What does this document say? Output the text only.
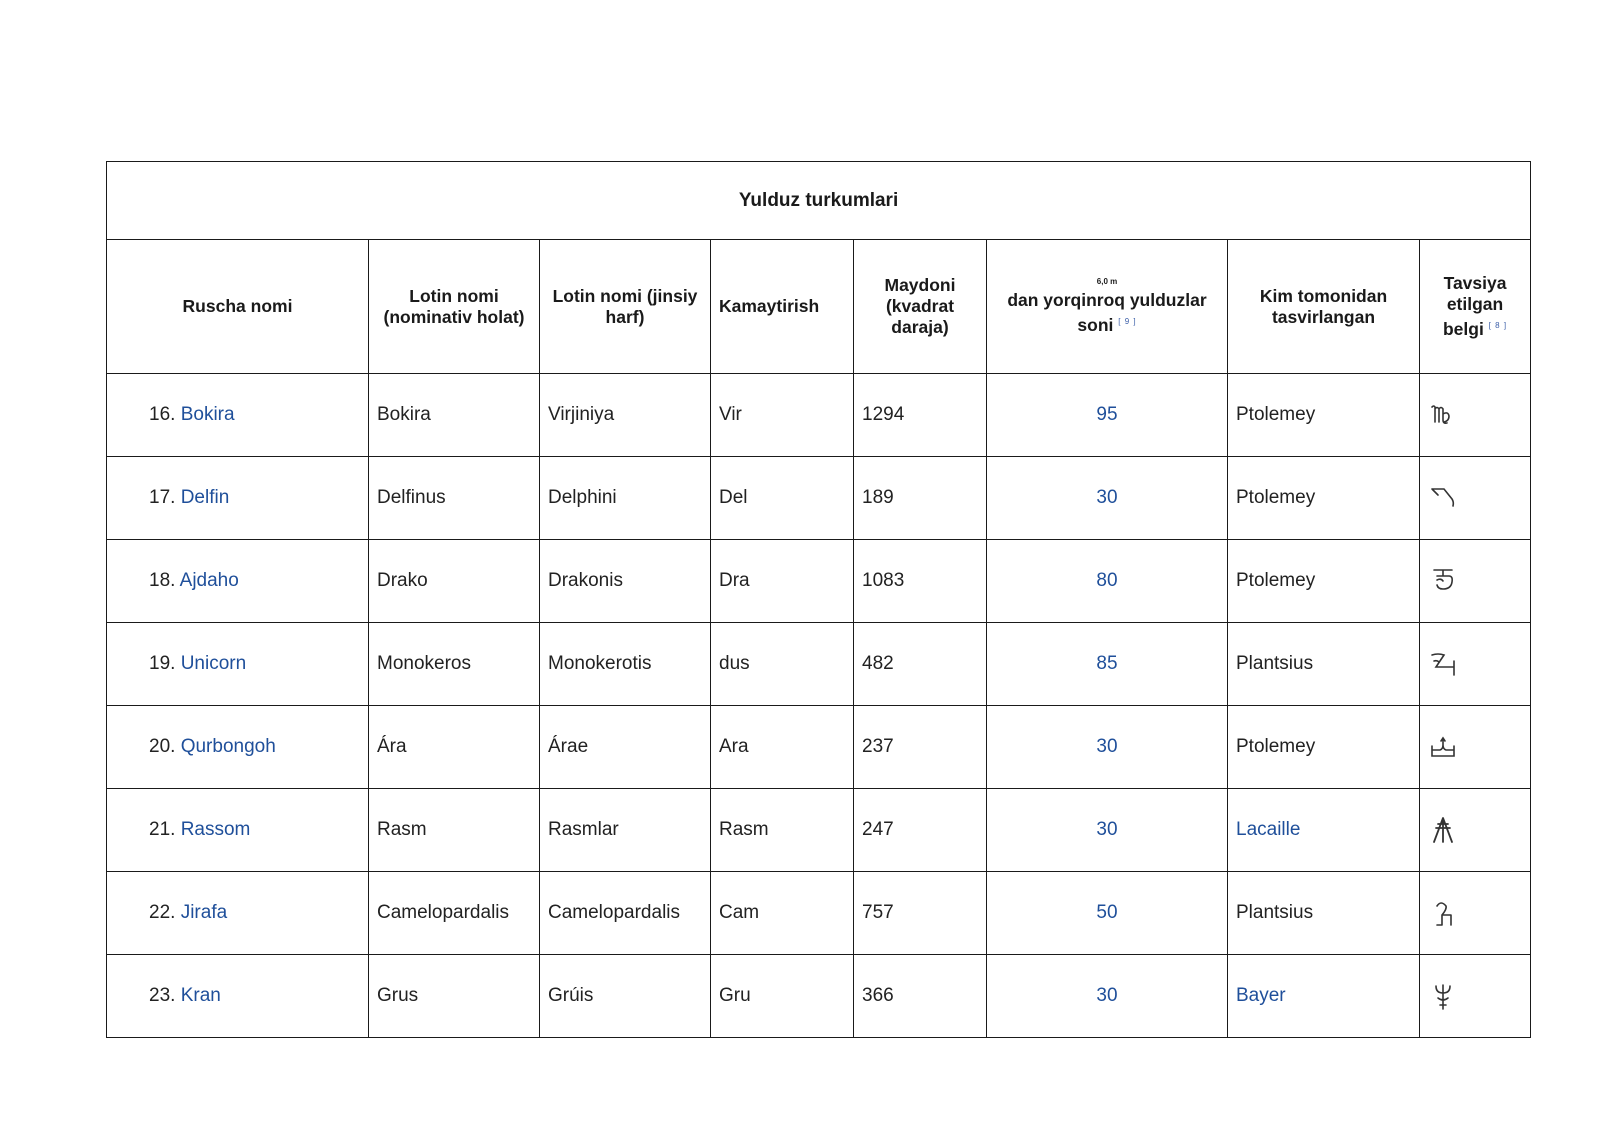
Yulduz turkumlari							
Ruscha nomi	Lotin nomi (nominativ holat)	Lotin nomi (jinsiy harf)	Kamaytirish	Maydoni (kvadrat daraja)	6,0 m
dan yorqinroq yulduzlar soni [ 9 ]	Kim tomonidan tasvirlangan	Tavsiya etilgan belgi [ 8 ]
16. Bokira	Bokira	Virjiniya	Vir	1294	95	Ptolemey	

17. Delfin	Delfinus	Delphini	Del	189	30	Ptolemey	

18. Ajdaho	Drako	Drakonis	Dra	1083	80	Ptolemey	

19. Unicorn	Monokeros	Monokerotis	dus	482	85	Plantsius	

20. Qurbongoh	Ára	Árae	Ara	237	30	Ptolemey	

21. Rassom	Rasm	Rasmlar	Rasm	247	30	Lacaille	

22. Jirafa	Camelopardalis	Camelopardalis	Cam	757	50	Plantsius	

23. Kran	Grus	Grúis	Gru	366	30	Bayer	
